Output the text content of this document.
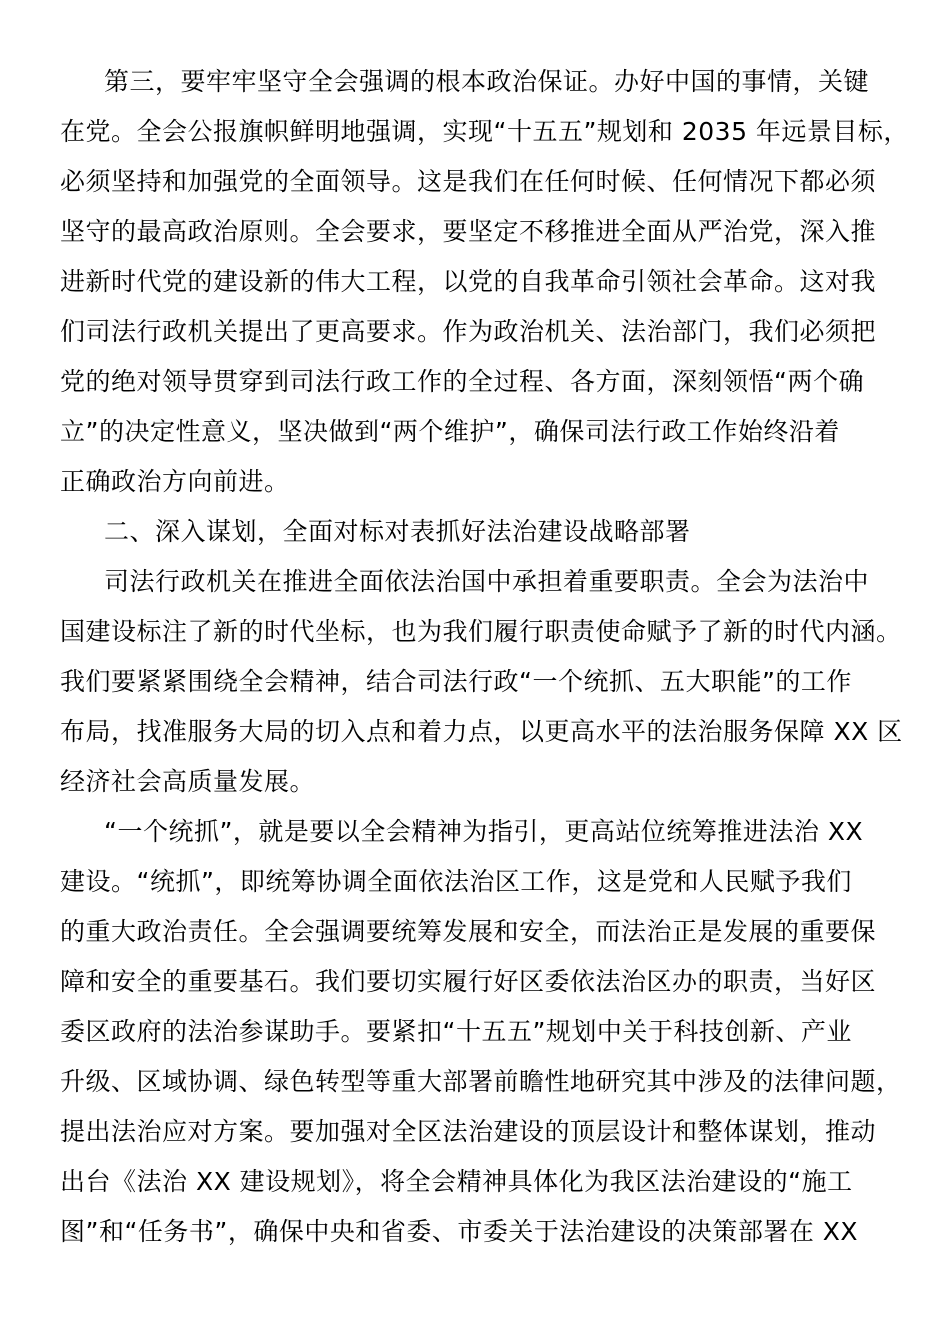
第三，要牢牢坚守全会强调的根本政治保证。办好中国的事情，关键
在党。全会公报旗帜鲜明地强调，实现“十五五”规划和 2035 年远景目标，
必须坚持和加强党的全面领导。这是我们在任何时候、任何情况下都必须
坚守的最高政治原则。全会要求，要坚定不移推进全面从严治党，深入推
进新时代党的建设新的伟大工程，以党的自我革命引领社会革命。这对我
们司法行政机关提出了更高要求。作为政治机关、法治部门，我们必须把
党的绝对领导贯穿到司法行政工作的全过程、各方面，深刻领悟“两个确
立”的决定性意义，坚决做到“两个维护”，确保司法行政工作始终沿着
正确政治方向前进。
二、深入谋划，全面对标对表抓好法治建设战略部署
司法行政机关在推进全面依法治国中承担着重要职责。全会为法治中
国建设标注了新的时代坐标，也为我们履行职责使命赋予了新的时代内涵。
我们要紧紧围绕全会精神，结合司法行政“一个统抓、五大职能”的工作
布局，找准服务大局的切入点和着力点，以更高水平的法治服务保障 XX 区
经济社会高质量发展。
“一个统抓”，就是要以全会精神为指引，更高站位统筹推进法治 XX
建设。“统抓”，即统筹协调全面依法治区工作，这是党和人民赋予我们
的重大政治责任。全会强调要统筹发展和安全，而法治正是发展的重要保
障和安全的重要基石。我们要切实履行好区委依法治区办的职责，当好区
委区政府的法治参谋助手。要紧扣“十五五”规划中关于科技创新、产业
升级、区域协调、绿色转型等重大部署前瞻性地研究其中涉及的法律问题，
提出法治应对方案。要加强对全区法治建设的顶层设计和整体谋划，推动
出台《法治 XX 建设规划》，将全会精神具体化为我区法治建设的“施工
图”和“任务书”，确保中央和省委、市委关于法治建设的决策部署在 XX
